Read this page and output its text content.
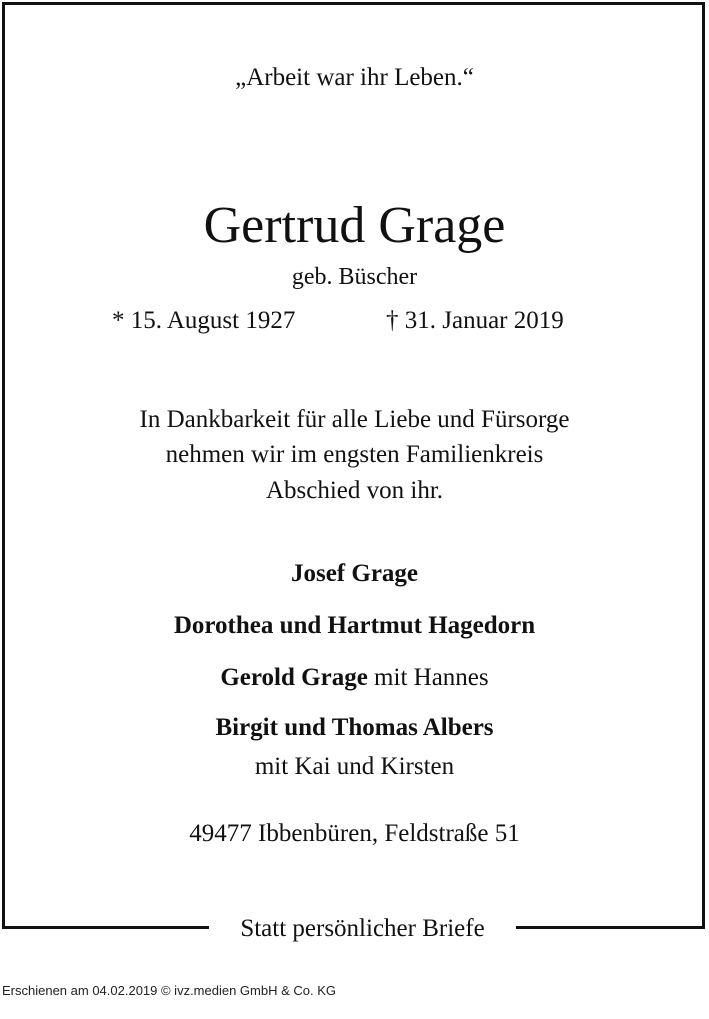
„Arbeit war ihr Leben.“
Gertrud Grage
geb. Büscher
* 15. August 1927	† 31. Januar 2019
In Dankbarkeit für alle Liebe und Fürsorge
nehmen wir im engsten Familienkreis
Abschied von ihr.
Josef Grage
Dorothea und Hartmut Hagedorn
Gerold Grage mit Hannes
Birgit und Thomas Albers
mit Kai und Kirsten
49477 Ibbenbüren, Feldstraße 51
Statt persönlicher Briefe
Erschienen am 04.02.2019 © ivz.medien GmbH & Co. KG
